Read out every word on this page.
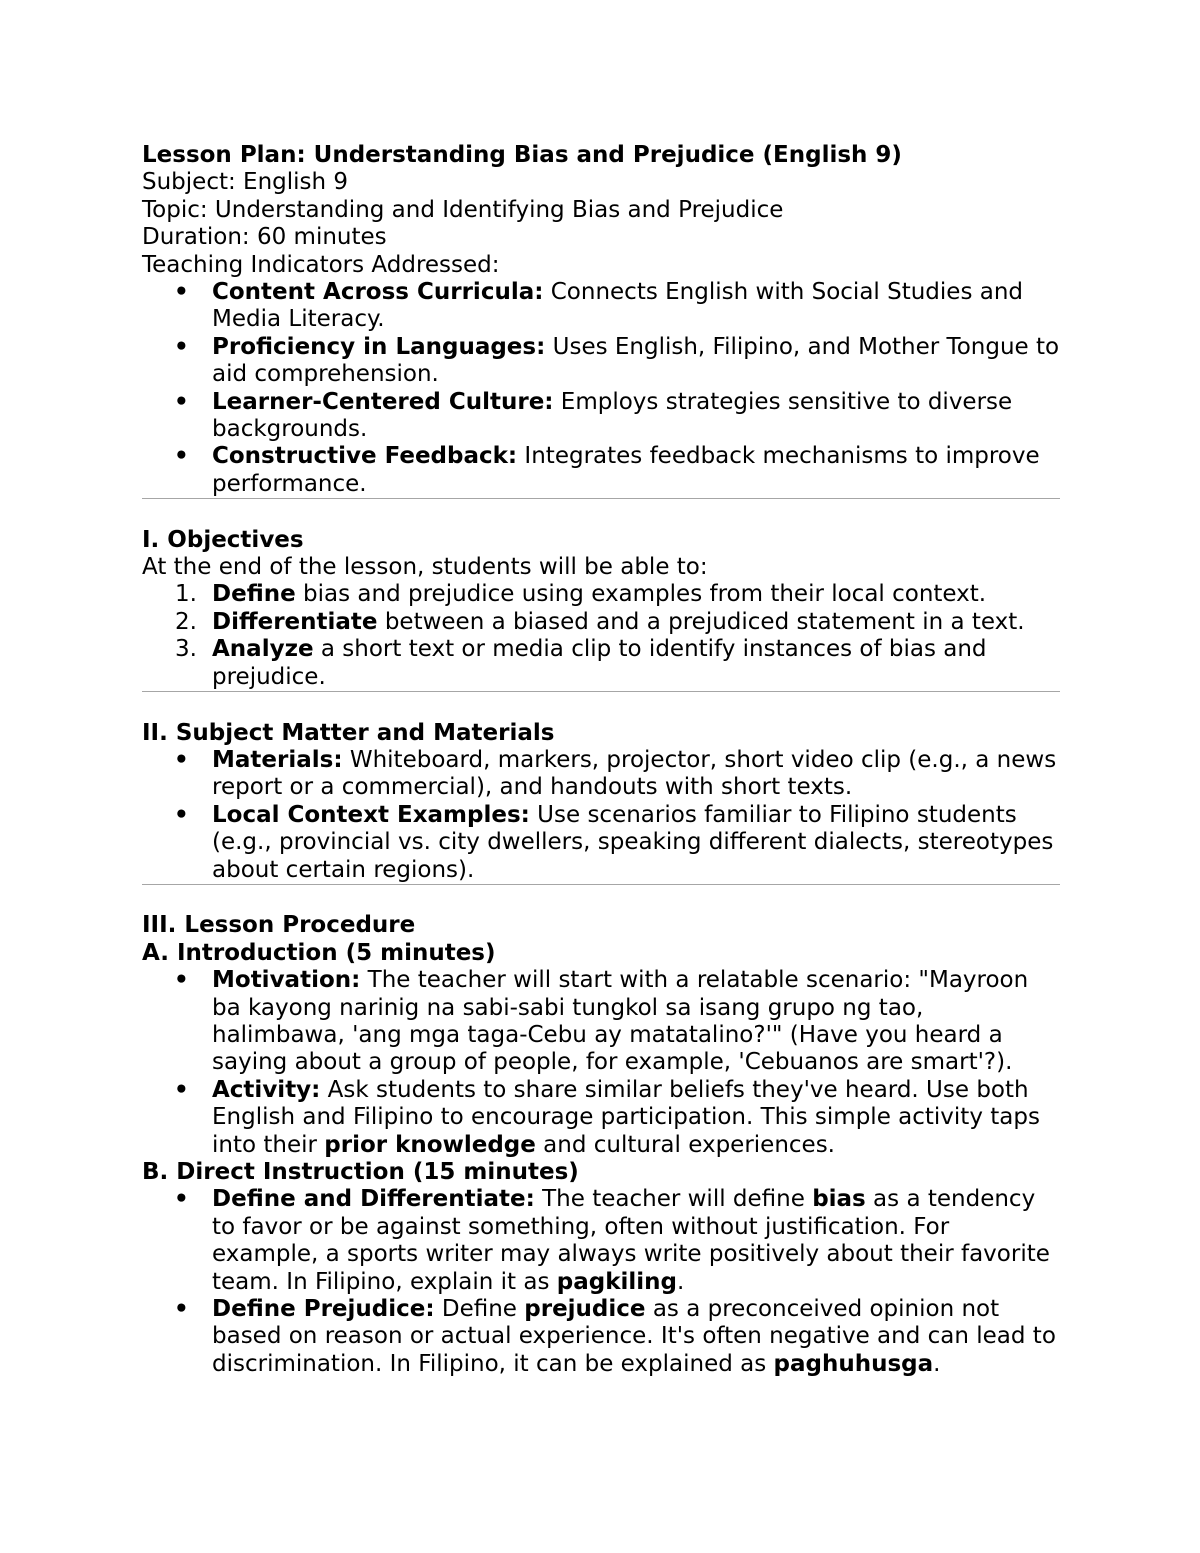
Lesson Plan: Understanding Bias and Prejudice (English 9)

Subject: English 9

Topic: Understanding and Identifying Bias and Prejudice

Duration: 60 minutes

Teaching Indicators Addressed:

• Content Across Curricula: Connects English with Social Studies and Media Literacy.
• Proficiency in Languages: Uses English, Filipino, and Mother Tongue to aid comprehension.
• Learner-Centered Culture: Employs strategies sensitive to diverse backgrounds.
• Constructive Feedback: Integrates feedback mechanisms to improve performance.

I. Objectives

At the end of the lesson, students will be able to:

1. Define bias and prejudice using examples from their local context.
2. Differentiate between a biased and a prejudiced statement in a text.
3. Analyze a short text or media clip to identify instances of bias and prejudice.

II. Subject Matter and Materials

• Materials: Whiteboard, markers, projector, short video clip (e.g., a news report or a commercial), and handouts with short texts.
• Local Context Examples: Use scenarios familiar to Filipino students (e.g., provincial vs. city dwellers, speaking different dialects, stereotypes about certain regions).

III. Lesson Procedure

A. Introduction (5 minutes)

• Motivation: The teacher will start with a relatable scenario: "Mayroon ba kayong narinig na sabi-sabi tungkol sa isang grupo ng tao, halimbawa, 'ang mga taga-Cebu ay matatalino?'" (Have you heard a saying about a group of people, for example, 'Cebuanos are smart'?).
• Activity: Ask students to share similar beliefs they've heard. Use both English and Filipino to encourage participation. This simple activity taps into their prior knowledge and cultural experiences.

B. Direct Instruction (15 minutes)

• Define and Differentiate: The teacher will define bias as a tendency to favor or be against something, often without justification. For example, a sports writer may always write positively about their favorite team. In Filipino, explain it as pagkiling.
• Define Prejudice: Define prejudice as a preconceived opinion not based on reason or actual experience. It's often negative and can lead to discrimination. In Filipino, it can be explained as paghuhusga.
